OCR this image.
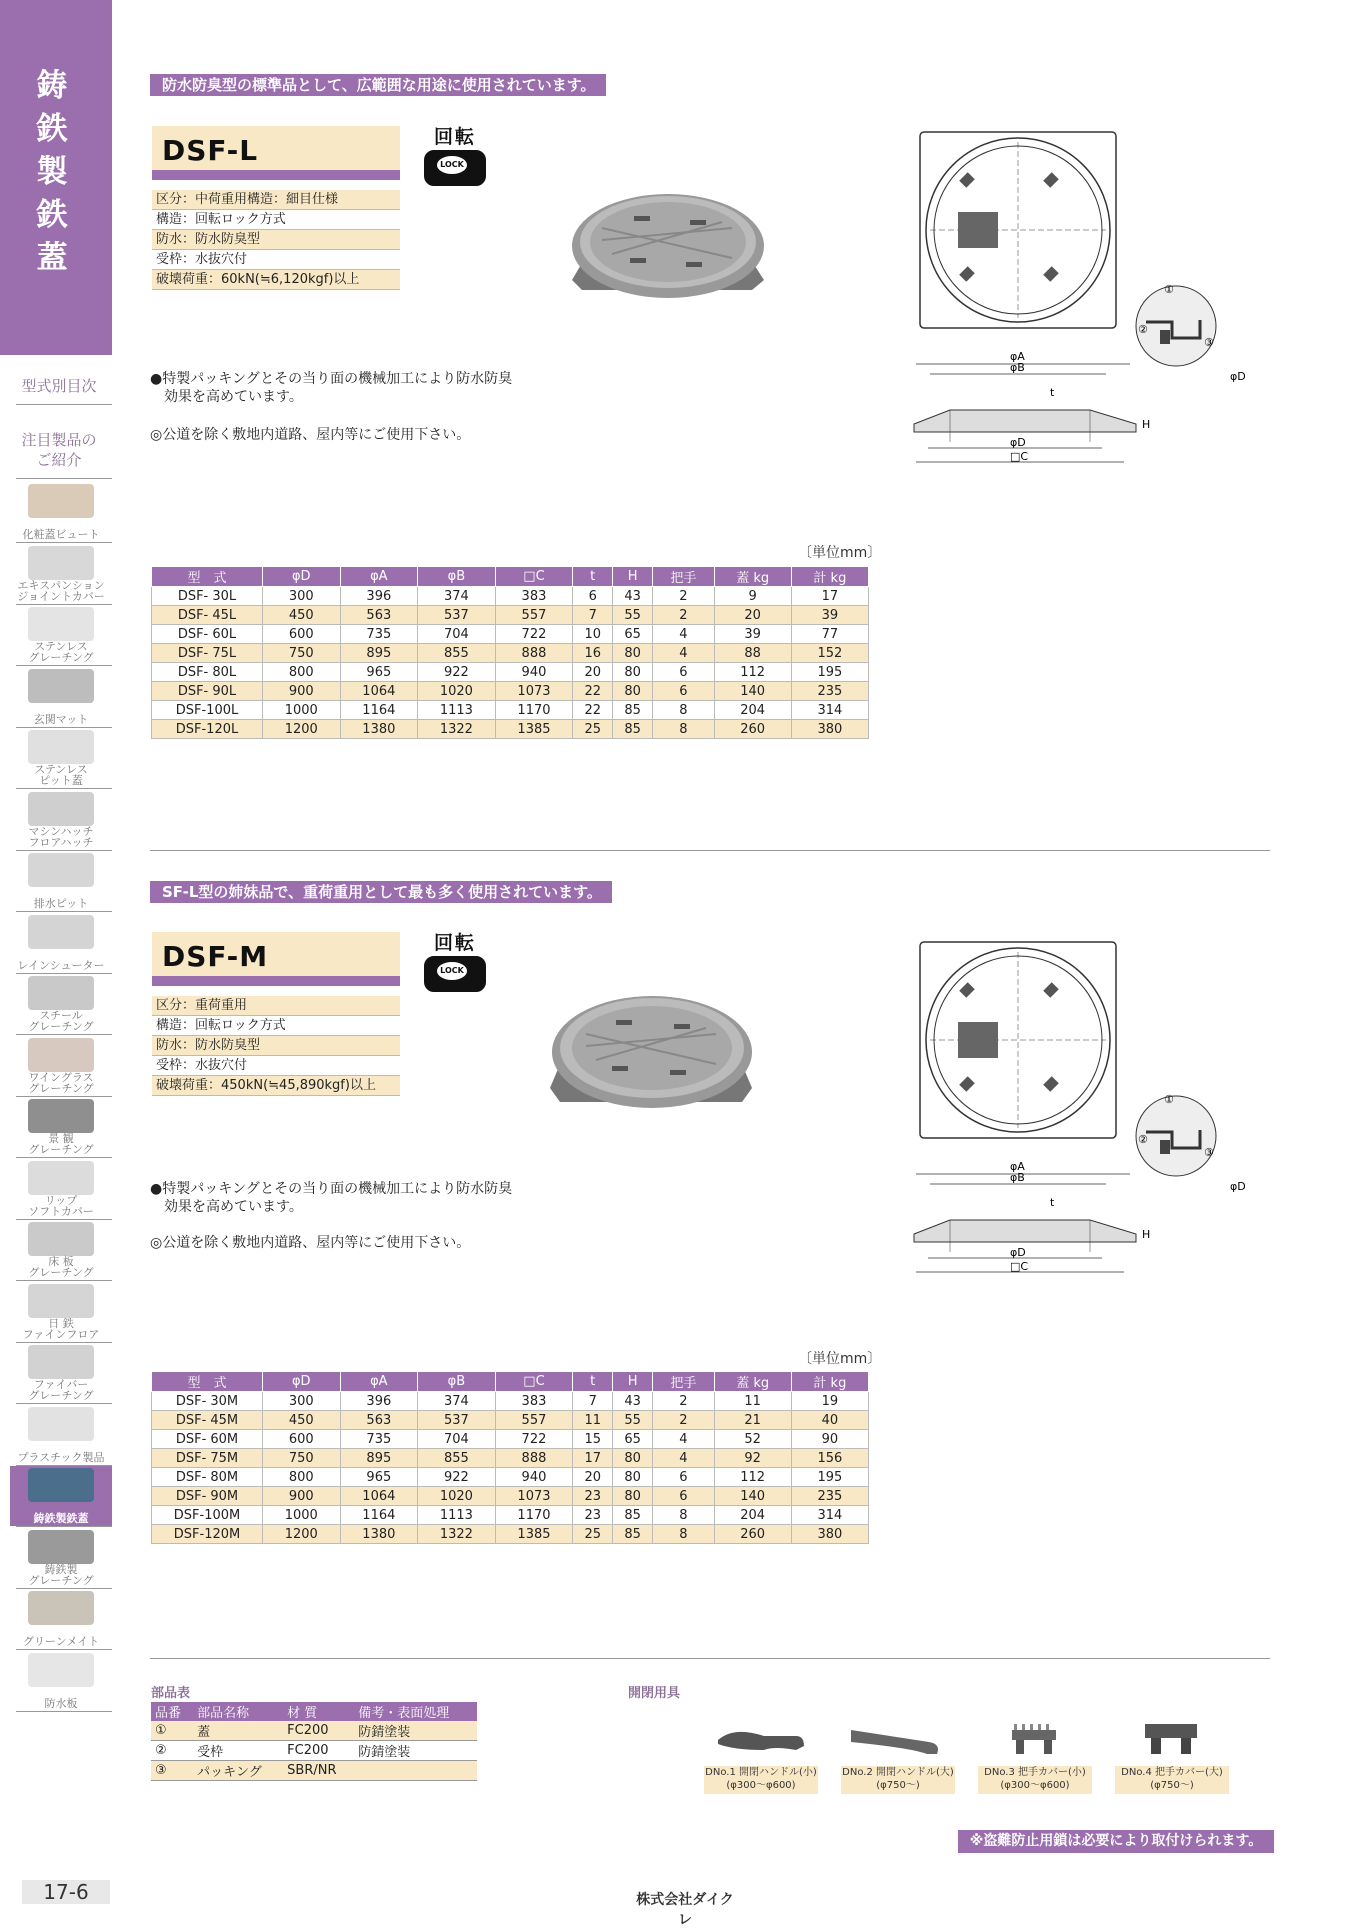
鋳鉄製鉄蓋
型式別目次
注目製品の
ご紹介
化粧蓋ビュート
エキスパンション
ジョイントカバー
ステンレス
グレーチング
玄関マット
ステンレス
ピット蓋
マシンハッチ
フロアハッチ
排水ピット
レインシューター
スチール
グレーチング
ワイングラス
グレーチング
景 観
グレーチング
リップ
ソフトカバー
床 板
グレーチング
日 鉄
ファインフロア
ファイバー
グレーチング
プラスチック製品
鋳鉄製鉄蓋
鋳鉄製
グレーチング
グリーンメイト
防水板
17-6
防水防臭型の標準品として、広範囲な用途に使用されています。
DSF-L
区分：中荷重用構造：細目仕様
構造：回転ロック方式
防水：防水防臭型
受枠：水抜穴付
破壊荷重：60kN(≒6,120kgf)以上
回転
LOCK
●特製パッキングとその当り面の機械加工により防水防臭
　効果を高めています。
◎公道を除く敷地内道路、屋内等にご使用下さい。
①
②
③
φA
φB
φD
t
H
φD
□C
〔単位mm〕
型　式	φD	φA	φB	□C	t	H	把手	蓋 kg	計 kg
DSF- 30L	300	396	374	383	6	43	2	9	17
DSF- 45L	450	563	537	557	7	55	2	20	39
DSF- 60L	600	735	704	722	10	65	4	39	77
DSF- 75L	750	895	855	888	16	80	4	88	152
DSF- 80L	800	965	922	940	20	80	6	112	195
DSF- 90L	900	1064	1020	1073	22	80	6	140	235
DSF-100L	1000	1164	1113	1170	22	85	8	204	314
DSF-120L	1200	1380	1322	1385	25	85	8	260	380
SF-L型の姉妹品で、重荷重用として最も多く使用されています。
DSF-M
区分：重荷重用
構造：回転ロック方式
防水：防水防臭型
受枠：水抜穴付
破壊荷重：450kN(≒45,890kgf)以上
回転
LOCK
●特製パッキングとその当り面の機械加工により防水防臭
　効果を高めています。
◎公道を除く敷地内道路、屋内等にご使用下さい。
①
②
③
φA
φB
φD
t
H
φD
□C
〔単位mm〕
型　式	φD	φA	φB	□C	t	H	把手	蓋 kg	計 kg
DSF- 30M	300	396	374	383	7	43	2	11	19
DSF- 45M	450	563	537	557	11	55	2	21	40
DSF- 60M	600	735	704	722	15	65	4	52	90
DSF- 75M	750	895	855	888	17	80	4	92	156
DSF- 80M	800	965	922	940	20	80	6	112	195
DSF- 90M	900	1064	1020	1073	23	80	6	140	235
DSF-100M	1000	1164	1113	1170	23	85	8	204	314
DSF-120M	1200	1380	1322	1385	25	85	8	260	380
部品表
品番	部品名称	材 質	備考・表面処理
①	蓋	FC200	防錆塗装
②	受枠	FC200	防錆塗装
③	パッキング	SBR/NR	
開閉用具
DNo.1 開閉ハンドル(小)
(φ300～φ600)
DNo.2 開閉ハンドル(大)
(φ750～)
DNo.3 把手カバー(小)
(φ300～φ600)
DNo.4 把手カバー(大)
(φ750～)
※盗難防止用鎖は必要により取付けられます。
株式会社ダイクレ
